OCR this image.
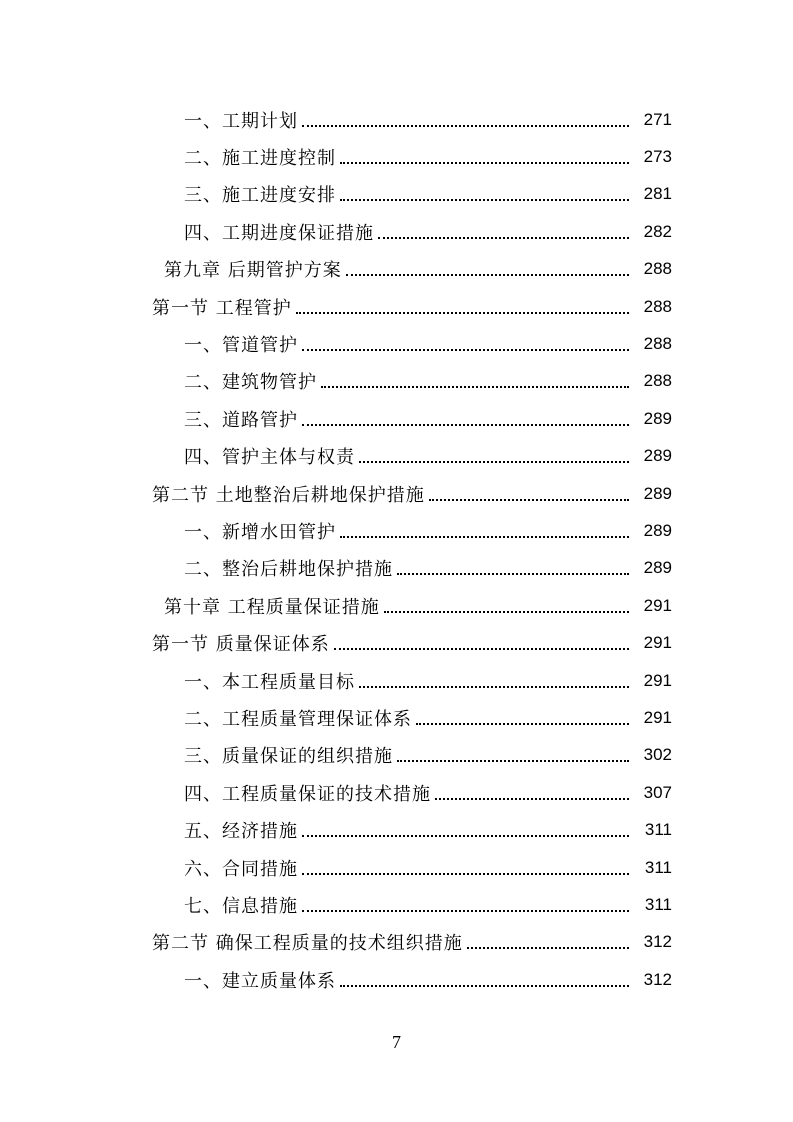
一、工期计划	271
二、施工进度控制	273
三、施工进度安排	281
四、工期进度保证措施	282
第九章 后期管护方案	288
第一节 工程管护	288
一、管道管护	288
二、建筑物管护	288
三、道路管护	289
四、管护主体与权责	289
第二节 土地整治后耕地保护措施	289
一、新增水田管护	289
二、整治后耕地保护措施	289
第十章 工程质量保证措施	291
第一节 质量保证体系	291
一、本工程质量目标	291
二、工程质量管理保证体系	291
三、质量保证的组织措施	302
四、工程质量保证的技术措施	307
五、经济措施	311
六、合同措施	311
七、信息措施	311
第二节 确保工程质量的技术组织措施	312
一、建立质量体系	312
7
